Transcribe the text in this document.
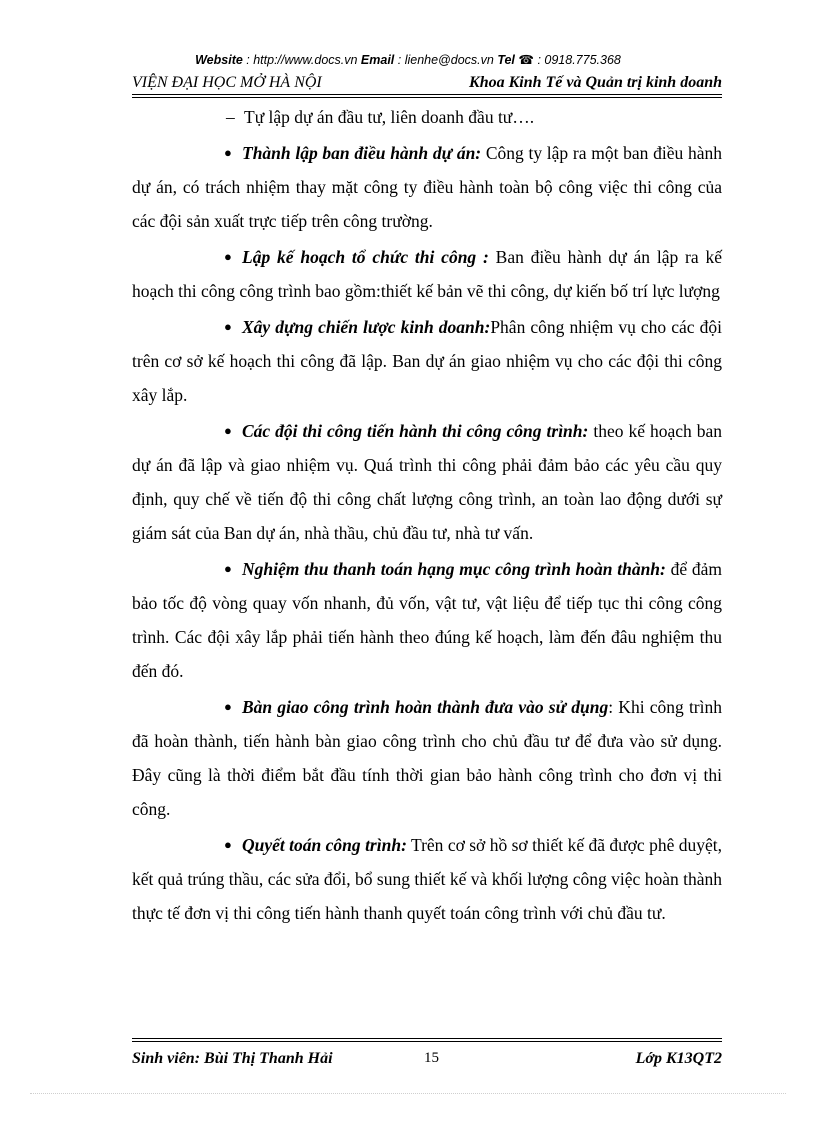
Website : http://www.docs.vn Email : lienhe@docs.vn Tel ☎ : 0918.775.368
VIỆN ĐẠI HỌC MỞ HÀ NỘI	Khoa Kinh Tế và Quản trị kinh doanh

– Tự lập dự án đầu tư, liên doanh đầu tư….

● Thành lập ban điều hành dự án: Công ty lập ra một ban điều hành dự án, có trách nhiệm thay mặt công ty điều hành toàn bộ công việc thi công của các đội sản xuất trực tiếp trên công trường.

● Lập kế hoạch tổ chức thi công : Ban điều hành dự án lập ra kế hoạch thi công công trình bao gồm:thiết kế bản vẽ thi công, dự kiến bố trí lực lượng

● Xây dựng chiến lược kinh doanh:Phân công nhiệm vụ cho các đội trên cơ sở kế hoạch thi công đã lập. Ban dự án giao nhiệm vụ cho các đội thi công xây lắp.

● Các đội thi công tiến hành thi công công trình: theo kế hoạch ban dự án đã lập và giao nhiệm vụ. Quá trình thi công phải đảm bảo các yêu cầu quy định, quy chế về tiến độ thi công chất lượng công trình, an toàn lao động dưới sự giám sát của Ban dự án, nhà thầu, chủ đầu tư, nhà tư vấn.

● Nghiệm thu thanh toán hạng mục công trình hoàn thành: để đảm bảo tốc độ vòng quay vốn nhanh, đủ vốn, vật tư, vật liệu để tiếp tục thi công công trình. Các đội xây lắp phải tiến hành theo đúng kế hoạch, làm đến đâu nghiệm thu đến đó.

● Bàn giao công trình hoàn thành đưa vào sử dụng: Khi công trình đã hoàn thành, tiến hành bàn giao công trình cho chủ đầu tư để đưa vào sử dụng. Đây cũng là thời điểm bắt đầu tính thời gian bảo hành công trình cho đơn vị thi công.

● Quyết toán công trình: Trên cơ sở hồ sơ thiết kế đã được phê duyệt, kết quả trúng thầu, các sửa đổi, bổ sung thiết kế và khối lượng công việc hoàn thành thực tế đơn vị thi công tiến hành thanh quyết toán công trình với chủ đầu tư.

Sinh viên: Bùi Thị Thanh Hải	15	Lớp K13QT2
